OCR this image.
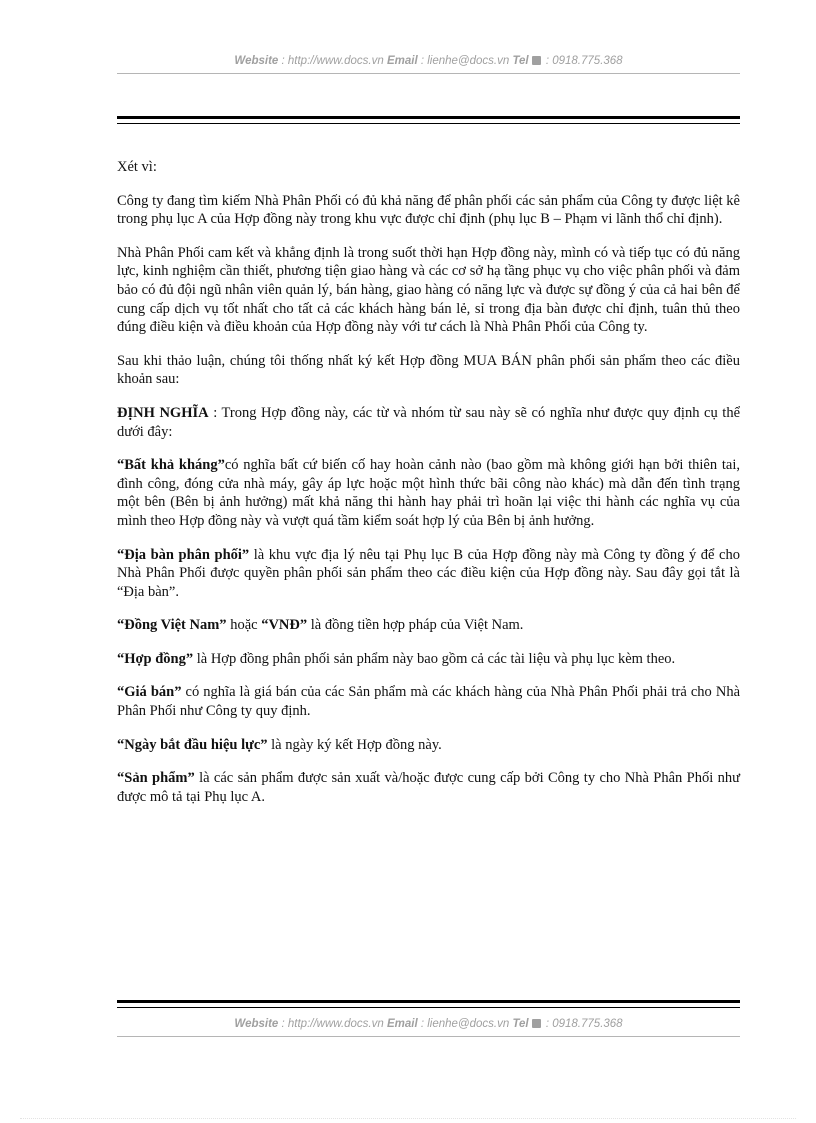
Website : http://www.docs.vn Email : lienhe@docs.vn Tel : 0918.775.368

Xét vì:

Công ty đang tìm kiếm Nhà Phân Phối có đủ khả năng để phân phối các sản phẩm của Công ty được liệt kê trong phụ lục A của Hợp đồng này trong khu vực được chỉ định (phụ lục B – Phạm vi lãnh thổ chỉ định).

Nhà Phân Phối cam kết và khẳng định là trong suốt thời hạn Hợp đồng này, mình có và tiếp tục có đủ năng lực, kinh nghiệm cần thiết, phương tiện giao hàng và các cơ sở hạ tầng phục vụ cho việc phân phối và đảm bảo có đủ đội ngũ nhân viên quản lý, bán hàng, giao hàng có năng lực và được sự đồng ý của cả hai bên để cung cấp dịch vụ tốt nhất cho tất cả các khách hàng bán lẻ, sỉ trong địa bàn được chỉ định, tuân thủ theo đúng điều kiện và điều khoản của Hợp đồng này với tư cách là Nhà Phân Phối của Công ty.

Sau khi thảo luận, chúng tôi thống nhất ký kết Hợp đồng MUA BÁN phân phối sản phẩm theo các điều khoản sau:

ĐỊNH NGHĨA : Trong Hợp đồng này, các từ và nhóm từ sau này sẽ có nghĩa như được quy định cụ thể dưới đây:

“Bất khả kháng”có nghĩa bất cứ biến cố hay hoàn cảnh nào (bao gồm mà không giới hạn bởi thiên tai, đình công, đóng cửa nhà máy, gây áp lực hoặc một hình thức bãi công nào khác) mà dẫn đến tình trạng một bên (Bên bị ảnh hưởng) mất khả năng thi hành hay phải trì hoãn lại việc thi hành các nghĩa vụ của mình theo Hợp đồng này và vượt quá tầm kiểm soát hợp lý của Bên bị ảnh hưởng.

“Địa bàn phân phối” là khu vực địa lý nêu tại Phụ lục B của Hợp đồng này mà Công ty đồng ý để cho Nhà Phân Phối được quyền phân phối sản phẩm theo các điều kiện của Hợp đồng này. Sau đây gọi tắt là “Địa bàn”.

“Đồng Việt Nam” hoặc “VNĐ” là đồng tiền hợp pháp của Việt Nam.

“Hợp đồng” là Hợp đồng phân phối sản phẩm này bao gồm cả các tài liệu và phụ lục kèm theo.

“Giá bán” có nghĩa là giá bán của các Sản phẩm mà các khách hàng của Nhà Phân Phối phải trả cho Nhà Phân Phối như Công ty quy định.

“Ngày bắt đầu hiệu lực” là ngày ký kết Hợp đồng này.

“Sản phẩm” là các sản phẩm được sản xuất và/hoặc được cung cấp bởi Công ty cho Nhà Phân Phối như được mô tả tại Phụ lục A.

Website : http://www.docs.vn Email : lienhe@docs.vn Tel : 0918.775.368
